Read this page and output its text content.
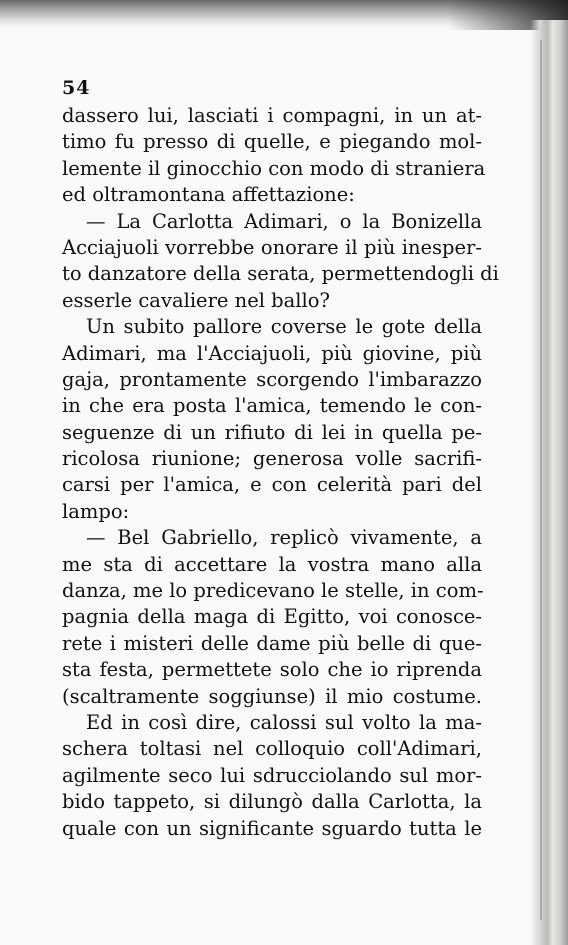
54
dassero lui, lasciati i compagni, in un at-
timo fu presso di quelle, e piegando mol-
lemente il ginocchio con modo di straniera
ed oltramontana affettazione:
— La Carlotta Adimari, o la Bonizella
Acciajuoli vorrebbe onorare il più inesper-
to danzatore della serata, permettendogli di
esserle cavaliere nel ballo?
Un subito pallore coverse le gote della
Adimari, ma l'Acciajuoli, più giovine, più
gaja, prontamente scorgendo l'imbarazzo
in che era posta l'amica, temendo le con-
seguenze di un rifiuto di lei in quella pe-
ricolosa riunione; generosa volle sacrifi-
carsi per l'amica, e con celerità pari del
lampo:
— Bel Gabriello, replicò vivamente, a
me sta di accettare la vostra mano alla
danza, me lo predicevano le stelle, in com-
pagnia della maga di Egitto, voi conosce-
rete i misteri delle dame più belle di que-
sta festa, permettete solo che io riprenda
(scaltramente soggiunse) il mio costume.
Ed in così dire, calossi sul volto la ma-
schera toltasi nel colloquio coll'Adimari,
agilmente seco lui sdrucciolando sul mor-
bido tappeto, si dilungò dalla Carlotta, la
quale con un significante sguardo tutta le
